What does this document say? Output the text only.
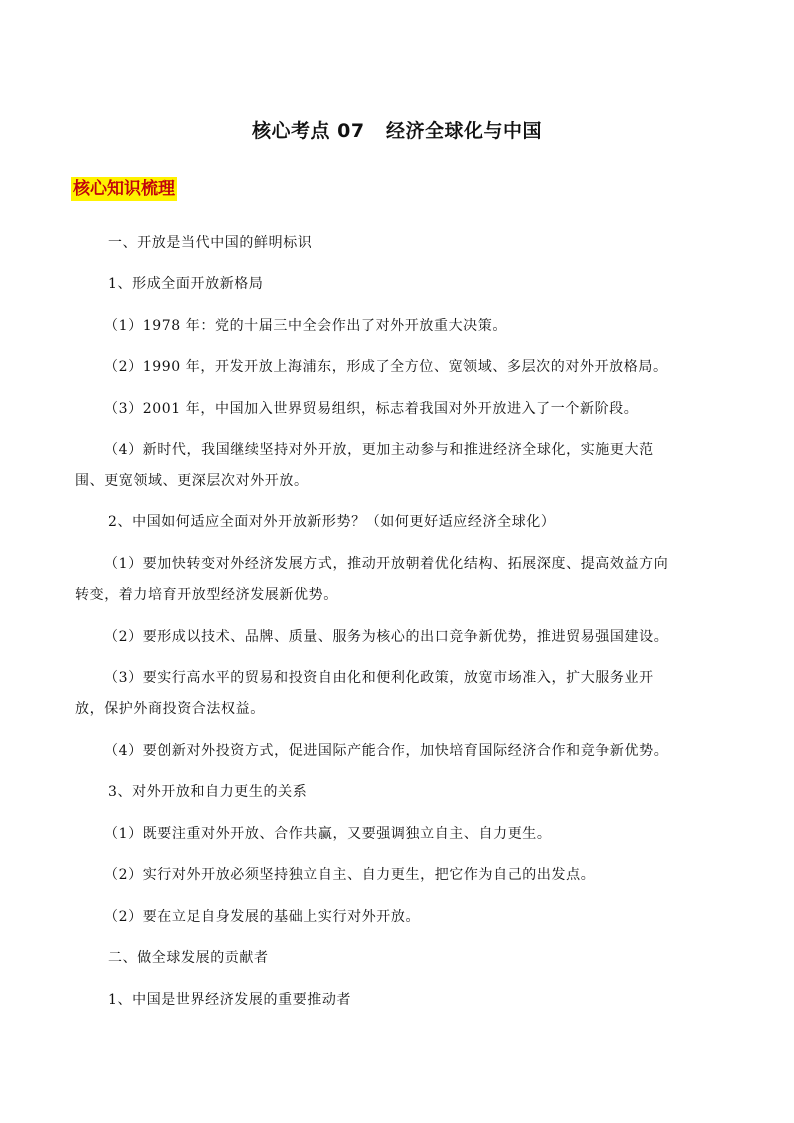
核心考点 07   经济全球化与中国
核心知识梳理
一、开放是当代中国的鲜明标识
1、形成全面开放新格局
（1）1978 年：党的十届三中全会作出了对外开放重大决策。
（2）1990 年，开发开放上海浦东，形成了全方位、宽领域、多层次的对外开放格局。
（3）2001 年，中国加入世界贸易组织，标志着我国对外开放进入了一个新阶段。
（4）新时代，我国继续坚持对外开放，更加主动参与和推进经济全球化，实施更大范
围、更宽领域、更深层次对外开放。
2、中国如何适应全面对外开放新形势？（如何更好适应经济全球化）
（1）要加快转变对外经济发展方式，推动开放朝着优化结构、拓展深度、提高效益方向
转变，着力培育开放型经济发展新优势。
（2）要形成以技术、品牌、质量、服务为核心的出口竞争新优势，推进贸易强国建设。
（3）要实行高水平的贸易和投资自由化和便利化政策，放宽市场准入，扩大服务业开
放，保护外商投资合法权益。
（4）要创新对外投资方式，促进国际产能合作，加快培育国际经济合作和竞争新优势。
3、对外开放和自力更生的关系
（1）既要注重对外开放、合作共赢，又要强调独立自主、自力更生。
（2）实行对外开放必须坚持独立自主、自力更生，把它作为自己的出发点。
（2）要在立足自身发展的基础上实行对外开放。
二、做全球发展的贡献者
1、中国是世界经济发展的重要推动者
